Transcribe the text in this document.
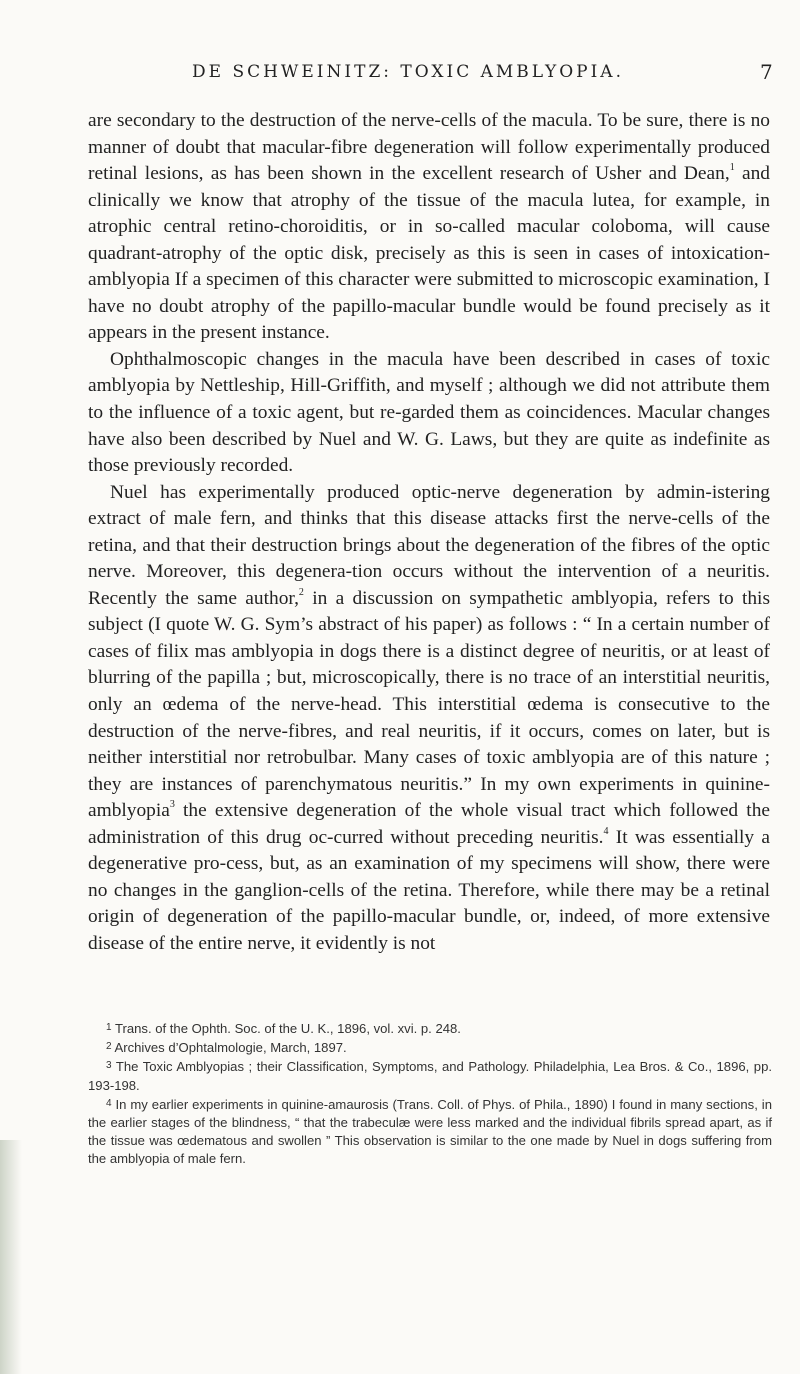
DE SCHWEINITZ: TOXIC AMBLYOPIA.	7

are secondary to the destruction of the nerve-cells of the macula. To be sure, there is no manner of doubt that macular-fibre degeneration will follow experimentally produced retinal lesions, as has been shown in the excellent research of Usher and Dean,$^1$ and clinically we know that atrophy of the tissue of the macula lutea, for example, in atrophic central retino-choroiditis, or in so-called macular coloboma, will cause quadrant-atrophy of the optic disk, precisely as this is seen in cases of intoxication-amblyopia If a specimen of this character were submitted to microscopic examination, I have no doubt atrophy of the papillo-macular bundle would be found precisely as it appears in the present instance.

Ophthalmoscopic changes in the macula have been described in cases of toxic amblyopia by Nettleship, Hill-Griffith, and myself ; although we did not attribute them to the influence of a toxic agent, but re-garded them as coincidences. Macular changes have also been described by Nuel and W. G. Laws, but they are quite as indefinite as those previously recorded.

Nuel has experimentally produced optic-nerve degeneration by admin-istering extract of male fern, and thinks that this disease attacks first the nerve-cells of the retina, and that their destruction brings about the degeneration of the fibres of the optic nerve. Moreover, this degenera-tion occurs without the intervention of a neuritis. Recently the same author,$^2$ in a discussion on sympathetic amblyopia, refers to this subject (I quote W. G. Sym’s abstract of his paper) as follows : “ In a certain number of cases of filix mas amblyopia in dogs there is a distinct degree of neuritis, or at least of blurring of the papilla ; but, microscopically, there is no trace of an interstitial neuritis, only an œdema of the nerve-head. This interstitial œdema is consecutive to the destruction of the nerve-fibres, and real neuritis, if it occurs, comes on later, but is neither interstitial nor retrobulbar. Many cases of toxic amblyopia are of this nature ; they are instances of parenchymatous neuritis.” In my own experiments in quinine-amblyopia$^3$ the extensive degeneration of the whole visual tract which followed the administration of this drug oc-curred without preceding neuritis.$^4$ It was essentially a degenerative pro-cess, but, as an examination of my specimens will show, there were no changes in the ganglion-cells of the retina. Therefore, while there may be a retinal origin of degeneration of the papillo-macular bundle, or, indeed, of more extensive disease of the entire nerve, it evidently is not

$^1$ Trans. of the Ophth. Soc. of the U. K., 1896, vol. xvi. p. 248.

$^2$ Archives d’Ophtalmologie, March, 1897.

$^3$ The Toxic Amblyopias ; their Classification, Symptoms, and Pathology. Philadelphia, Lea Bros. & Co., 1896, pp. 193-198.

$^4$ In my earlier experiments in quinine-amaurosis (Trans. Coll. of Phys. of Phila., 1890) I found in many sections, in the earlier stages of the blindness, “ that the trabeculæ were less marked and the individual fibrils spread apart, as if the tissue was œdematous and swollen ” This observation is similar to the one made by Nuel in dogs suffering from the amblyopia of male fern.
